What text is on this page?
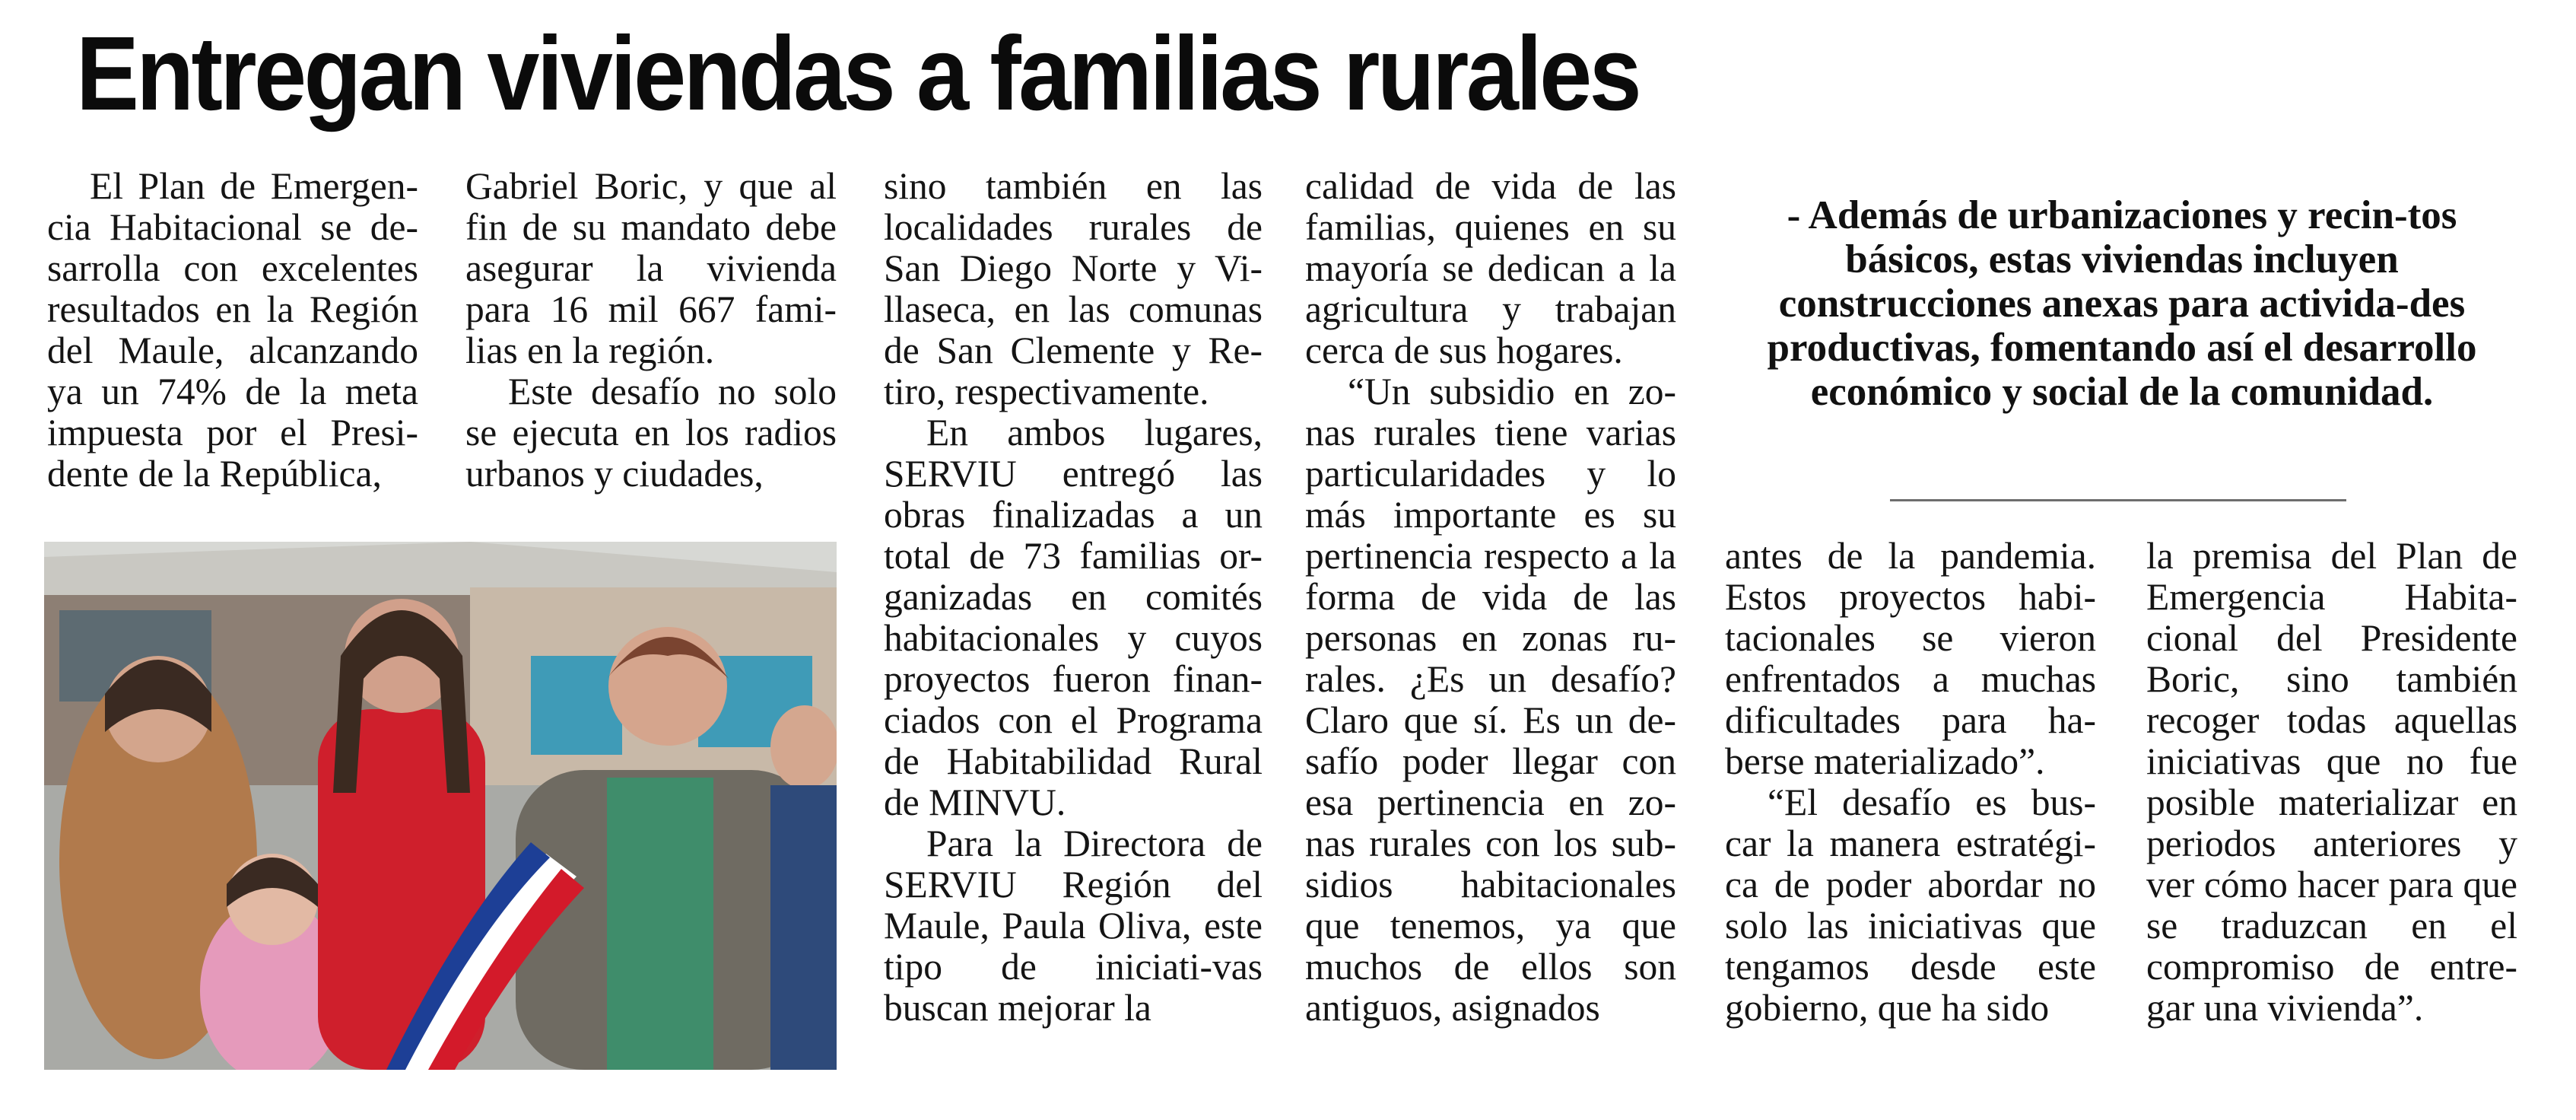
Entregan viviendas a familias rurales

El Plan de Emergen-cia Habitacional se de-sarrolla con excelentes resultados en la Región del Maule, alcanzando ya un 74% de la meta impuesta por el Presi-dente de la República,

Gabriel Boric, y que al fin de su mandato debe asegurar la vivienda para 16 mil 667 fami-lias en la región.

Este desafío no solo se ejecuta en los radios urbanos y ciudades,

sino también en las localidades rurales de San Diego Norte y Vi-llaseca, en las comunas de San Clemente y Re-tiro, respectivamente.

En ambos lugares, SERVIU entregó las obras finalizadas a un total de 73 familias or-ganizadas en comités habitacionales y cuyos proyectos fueron finan-ciados con el Programa de Habitabilidad Rural de MINVU.

Para la Directora de SERVIU Región del Maule, Paula Oliva, este tipo de iniciati-vas buscan mejorar la

calidad de vida de las familias, quienes en su mayoría se dedican a la agricultura y trabajan cerca de sus hogares.

“Un subsidio en zo-nas rurales tiene varias particularidades y lo más importante es su pertinencia respecto a la forma de vida de las personas en zonas ru-rales. ¿Es un desafío? Claro que sí. Es un de-safío poder llegar con esa pertinencia en zo-nas rurales con los sub-sidios habitacionales que tenemos, ya que muchos de ellos son antiguos, asignados

- Además de urbanizaciones y recin-tos básicos, estas viviendas incluyen construcciones anexas para activida-des productivas, fomentando así el desarrollo económico y social de la comunidad.

antes de la pandemia. Estos proyectos habi-tacionales se vieron enfrentados a muchas dificultades para ha-berse materializado”.

“El desafío es bus-car la manera estratégi-ca de poder abordar no solo las iniciativas que tengamos desde este gobierno, que ha sido

la premisa del Plan de Emergencia Habita-cional del Presidente Boric, sino también recoger todas aquellas iniciativas que no fue posible materializar en periodos anteriores y ver cómo hacer para que se traduzcan en el compromiso de entre-gar una vivienda”.
